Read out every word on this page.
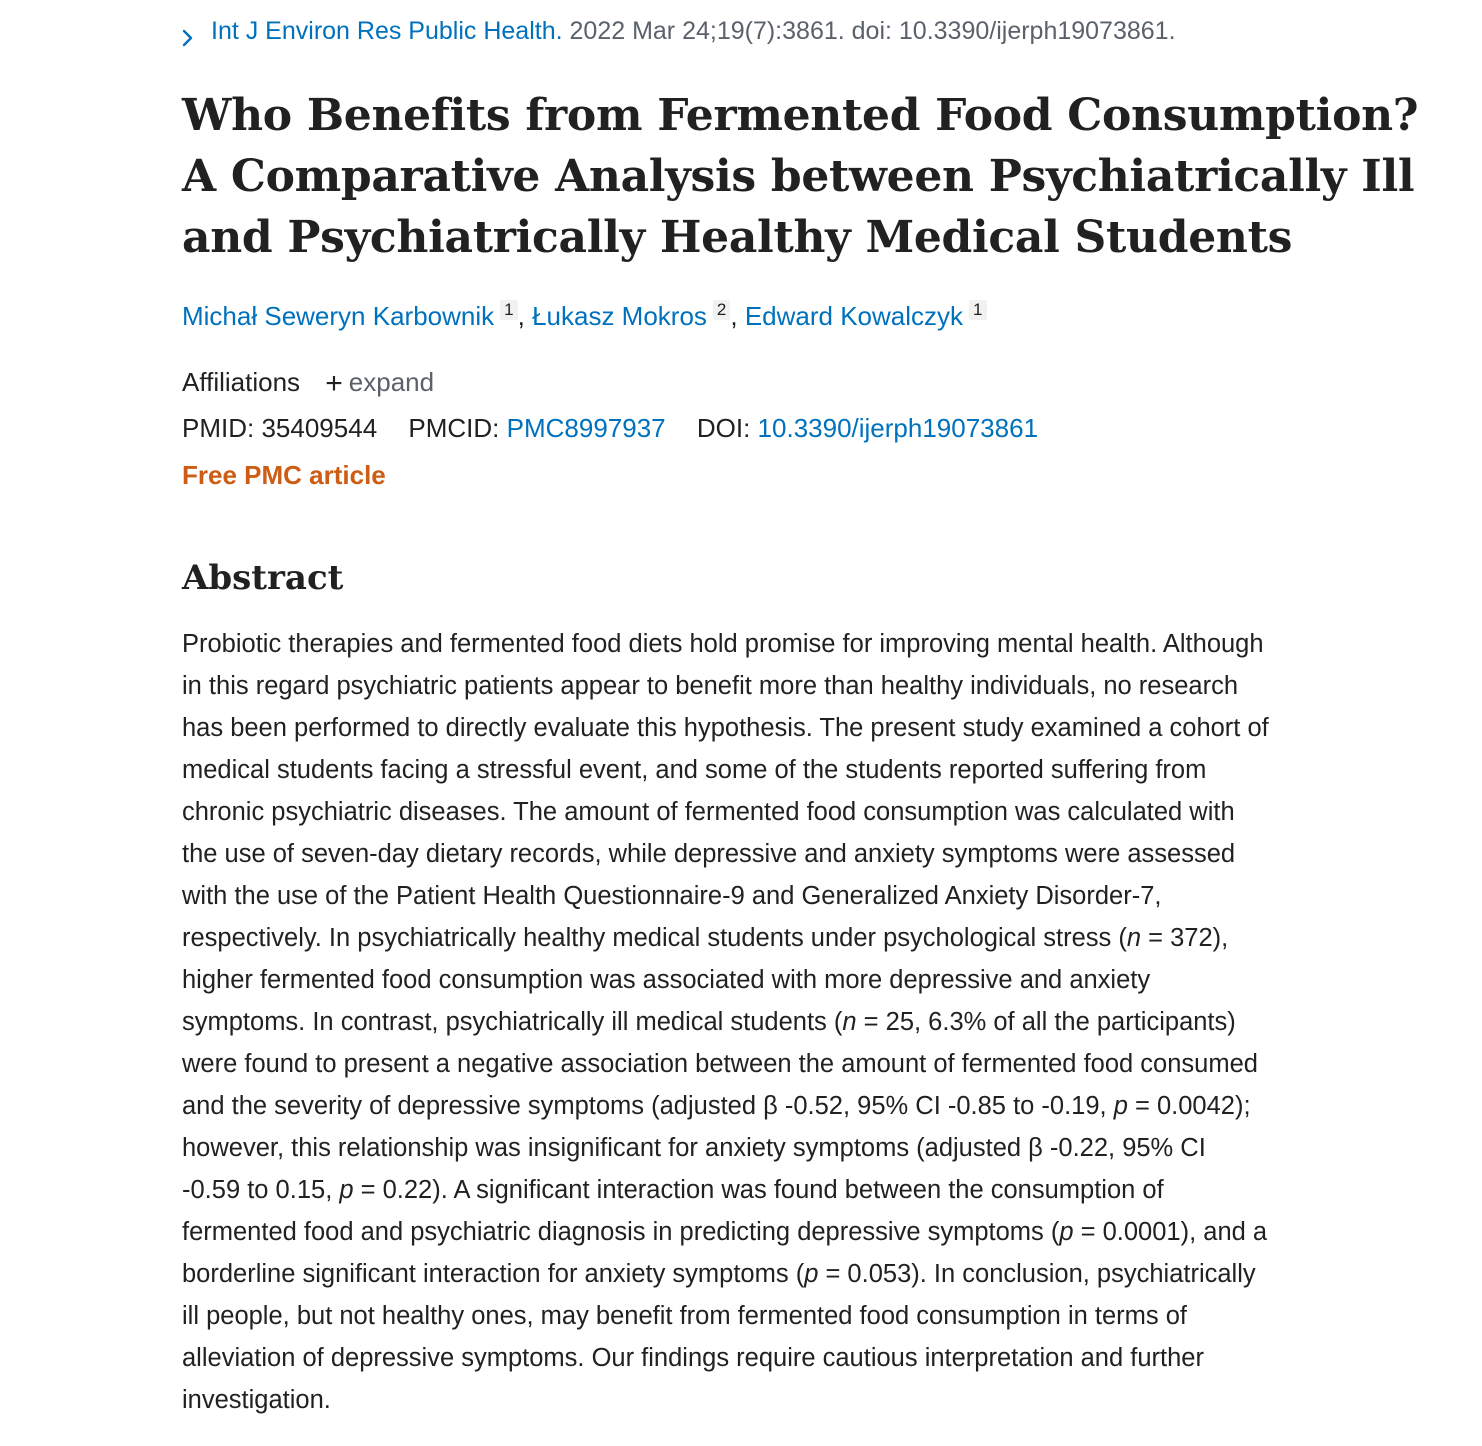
Int J Environ Res Public Health. 2022 Mar 24;19(7):3861. doi: 10.3390/ijerph19073861.
Who Benefits from Fermented Food Consumption? A Comparative Analysis between Psychiatrically Ill and Psychiatrically Healthy Medical Students
Michał Seweryn Karbownik 1 , Łukasz Mokros 2 , Edward Kowalczyk 1
Affiliations + expand
PMID: 35409544 PMCID: PMC8997937 DOI: 10.3390/ijerph19073861
Free PMC article
Abstract
Probiotic therapies and fermented food diets hold promise for improving mental health. Although
in this regard psychiatric patients appear to benefit more than healthy individuals, no research
has been performed to directly evaluate this hypothesis. The present study examined a cohort of
medical students facing a stressful event, and some of the students reported suffering from
chronic psychiatric diseases. The amount of fermented food consumption was calculated with
the use of seven-day dietary records, while depressive and anxiety symptoms were assessed
with the use of the Patient Health Questionnaire-9 and Generalized Anxiety Disorder-7,
respectively. In psychiatrically healthy medical students under psychological stress (n = 372),
higher fermented food consumption was associated with more depressive and anxiety
symptoms. In contrast, psychiatrically ill medical students (n = 25, 6.3% of all the participants)
were found to present a negative association between the amount of fermented food consumed
and the severity of depressive symptoms (adjusted β -0.52, 95% CI -0.85 to -0.19, p = 0.0042);
however, this relationship was insignificant for anxiety symptoms (adjusted β -0.22, 95% CI
-0.59 to 0.15, p = 0.22). A significant interaction was found between the consumption of
fermented food and psychiatric diagnosis in predicting depressive symptoms (p = 0.0001), and a
borderline significant interaction for anxiety symptoms (p = 0.053). In conclusion, psychiatrically
ill people, but not healthy ones, may benefit from fermented food consumption in terms of
alleviation of depressive symptoms. Our findings require cautious interpretation and further
investigation.
